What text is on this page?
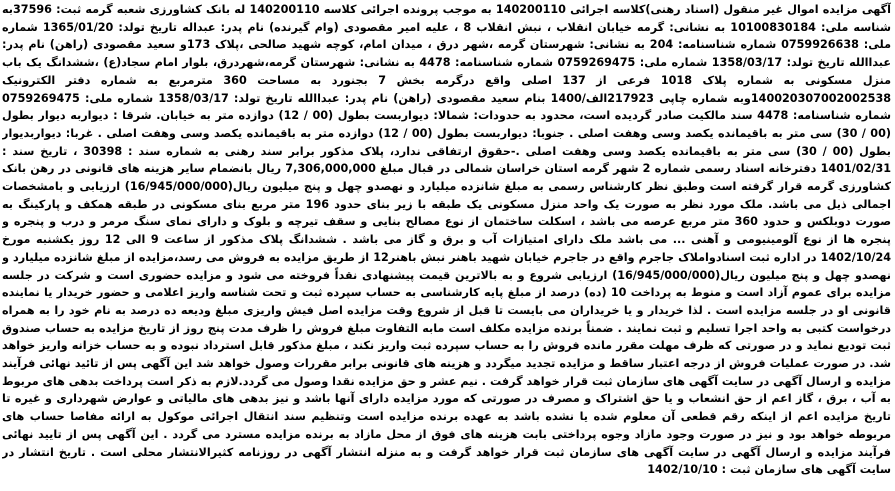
آگهی مزایده اموال غیر منقول (اسناد رهنی)کلاسه اجرائی 140200110 به موجب پرونده اجرائی کلاسه 140200110 له بانک کشاورزی شعبه گرمه ثبت: 37596به شناسه ملی: 10100830184 به نشانی: گرمه خیابان انقلاب ، نبش انقلاب 8 ، علیه امیر مقصودی (وام گیرنده) نام پدر: عبداله تاریخ تولد: 1365/01/20 شماره ملی: 0759926638 شماره شناسنامه: 204 به نشانی: شهرستان گرمه ،شهر درق ، میدان امام، کوچه شهید صالحی ،پلاک 173و سعید مقصودی (راهن) نام پدر: عبداالله تاریخ تولد: 1358/03/17 شماره ملی: 0759269475 شماره شناسنامه: 4478 به نشانی: شهرستان گرمه،شهردرق، بلوار امام سجاد(ع) ،ششدانگ یک باب منزل مسکونی به شماره پلاک 1018 فرعی از 137 اصلی واقع درگرمه بخش 7 بجنورد به مساحت 360 مترمربع به شماره دفتر الکترونیک 140020307002002538وبه شماره چاپی 217923الف/1400 بنام سعید مقصودی (راهن) نام پدر: عبداالله تاریخ تولد: 1358/03/17 شماره ملی: 0759269475 شماره شناسنامه: 4478 سند مالکیت صادر گردیده است، محدود به حدودات: شمالا: دیواربست بطول (00 / 12) دوازده متر به خیابان. شرقا : دیواربه دیوار بطول (00 / 30) سی متر به باقیمانده یکصد وسی وهفت اصلی . جنوبا: دیواربست بطول (00 / 12) دوازده متر به باقیمانده یکصد وسی وهفت اصلی . غربا: دیواربدیوار بطول (00 / 30) سی متر به باقیمانده یکصد وسی وهفت اصلی .-حقوق ارتفاقی ندارد، پلاک مذکور برابر سند رهنی به شماره سند : 30398 ، تاریخ سند : 1401/02/31 دفترخانه اسناد رسمی شماره 2 شهر گرمه استان خراسان شمالی در قبال مبلغ 7,306,000,000 ریال بانضمام سایر هزینه های قانونی در رهن بانک کشاورزی گرمه قرار گرفته است وطبق نظر کارشناس رسمی به مبلغ شانزده میلیارد و نهصدو چهل و پنج میلیون ریال(16/945/000/000) ارزیابی و بامشخصات اجمالی ذیل می باشد. ملک مورد نظر به صورت یک واحد منزل مسکونی یک طبقه با زیر بنای حدود 196 متر مربع بنای مسکونی در طبقه همکف و پارکینگ به صورت دوبلکس و حدود 360 متر مربع عرصه می باشد ، اسکلت ساختمان از نوع مصالح بنایی و سقف تیرچه و بلوک و دارای نمای سنگ مرمر و درب و پنجره و پنجره ها از نوع آلومینیومی و آهنی ... می باشد ملک دارای امتیازات آب و برق و گاز می باشد . ششدانگ پلاک مذکور از ساعت 9 الی 12 روز یکشنبه مورخ 1402/10/24 در اداره ثبت اسنادواملاک جاجرم واقع در جاجرم خیابان شهید باهنر نبش باهنر12 از طریق مزایده به فروش می رسد،مزایده از مبلغ شانزده میلیارد و نهصدو چهل و پنج میلیون ریال(16/945/000/000) ارزیابی شروع و به بالاترین قیمت پیشنهادی نقداً فروخته می شود و مزایده حضوری است و شرکت در جلسه مزایده برای عموم آزاد است و منوط به پرداخت 10 (ده) درصد از مبلغ پایه کارشناسی به حساب سپرده ثبت و تحت شناسه واریز اعلامی و حضور خریدار یا نماینده قانونی او در جلسه مزایده است . لذا خریدار و یا خریداران می بایست تا قبل از شروع وقت مزایده اصل فیش واریزی مبلغ ودیعه ده درصد به نام خود را به همراه درخواست کتبی به واحد اجرا تسلیم و ثبت نمایند . ضمناً برنده مزایده مکلف است مابه التفاوت مبلغ فروش را ظرف مدت پنج روز از تاریخ مزایده به حساب صندوق ثبت تودیع نماید و در صورتی که ظرف مهلت مقرر مانده فروش را به حساب سپرده ثبت واریز نکند ، مبلغ مذکور قابل استرداد نبوده و به حساب خزانه واریز خواهد شد. در صورت عملیات فروش از درجه اعتبار ساقط و مزایده تجدید میگردد و هزینه های قانونی برابر مقررات وصول خواهد شد این آگهی پس از تائید نهائی فرآیند مزایده و ارسال آگهی در سایت آگهی های سازمان ثبت قرار خواهد گرفت . نیم عشر و حق مزایده نقدا وصول می گردد.لازم به ذکر است پرداخت بدهی های مربوط به آب ، برق ، گاز اعم از حق انشعاب و یا حق اشتراک و مصرف در صورتی که مورد مزایده دارای آنها باشد و نیز بدهی های مالیاتی و عوارض شهرداری و غیره تا تاریخ مزایده اعم از اینکه رقم قطعی آن معلوم شده یا نشده باشد به عهده برنده مزایده است وتنظیم سند انتقال اجرائی موکول به ارائه مفاصا حساب های مربوطه خواهد بود و نیز در صورت وجود مازاد وجوه پرداختی بابت هزینه های فوق از محل مازاد به برنده مزایده مسترد می گردد . این آگهی پس از تایید نهائی فرآیند مزایده و ارسال آگهی در سایت آگهی های سازمان ثبت قرار خواهد گرفت و به منزله انتشار آگهی در روزنامه کثیرالانتشار محلی است . تاریخ انتشار در سایت آگهی های سازمان ثبت : 1402/10/10
